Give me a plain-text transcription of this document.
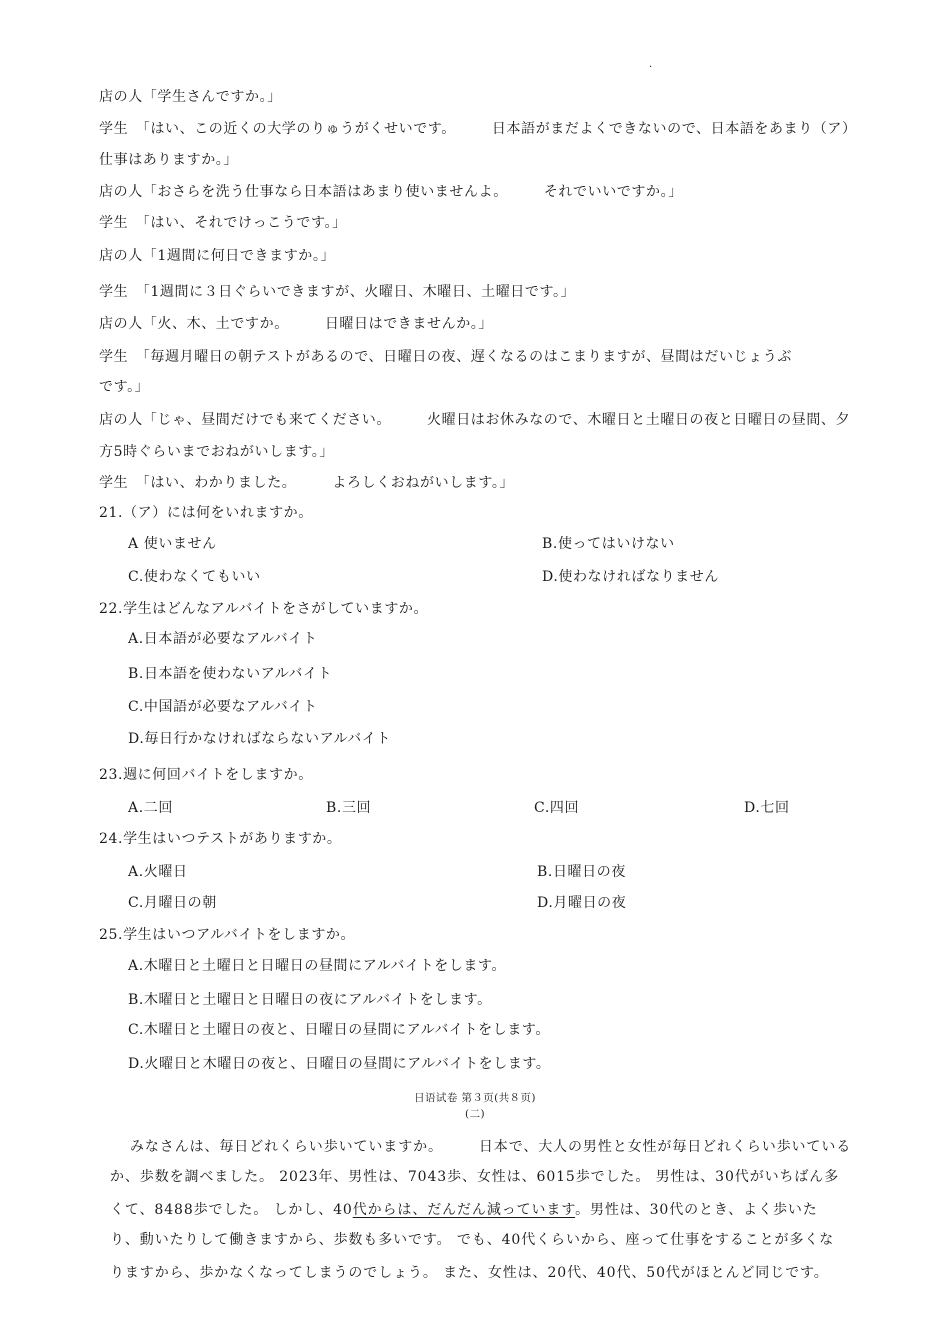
·
店の人「学生さんですか。」
学生　「はい、この近くの大学のりゅうがくせいです。	日本語がまだよくできないので、日本語をあまり（ア）
仕事はありますか。」
店の人「おさらを洗う仕事なら日本語はあまり使いませんよ。	それでいいですか。」
学生　「はい、それでけっこうです。」
店の人「1週間に何日できますか。」
学生　「1週間に３日ぐらいできますが、火曜日、木曜日、土曜日です。」
店の人「火、木、土ですか。	日曜日はできませんか。」
学生　「毎週月曜日の朝テストがあるので、日曜日の夜、遅くなるのはこまりますが、昼間はだいじょうぶ
です。」
店の人「じゃ、昼間だけでも来てください。	火曜日はお休みなので、木曜日と土曜日の夜と日曜日の昼間、夕
方5時ぐらいまでおねがいします。」
学生　「はい、わかりました。	よろしくおねがいします。」
21.（ア）には何をいれますか。
A 使いません	B.使ってはいけない
C.使わなくてもいい	D.使わなければなりません
22.学生はどんなアルバイトをさがしていますか。
A.日本語が必要なアルバイト
B.日本語を使わないアルバイト
C.中国語が必要なアルバイト
D.毎日行かなければならないアルバイト
23.週に何回バイトをしますか。
A.二回	B.三回	C.四回	D.七回
24.学生はいつテストがありますか。
A.火曜日	B.日曜日の夜
C.月曜日の朝	D.月曜日の夜
25.学生はいつアルバイトをしますか。
A.木曜日と土曜日と日曜日の昼間にアルバイトをします。
B.木曜日と土曜日と日曜日の夜にアルバイトをします。
C.木曜日と土曜日の夜と、日曜日の昼間にアルバイトをします。
D.火曜日と木曜日の夜と、日曜日の昼間にアルバイトをします。
日语试卷 第３页(共８页)
(二)
みなさんは、毎日どれくらい歩いていますか。	日本で、大人の男性と女性が毎日どれくらい歩いている
か、歩数を調べました。 2023年、男性は、7043歩、女性は、6015歩でした。 男性は、30代がいちばん多
くて、8488歩でした。 しかし、40代からは、だんだん減っています。男性は、30代のとき、よく歩いた
り、動いたりして働きますから、歩数も多いです。 でも、40代くらいから、座って仕事をすることが多くな
りますから、歩かなくなってしまうのでしょう。 また、女性は、20代、40代、50代がほとんど同じです。
